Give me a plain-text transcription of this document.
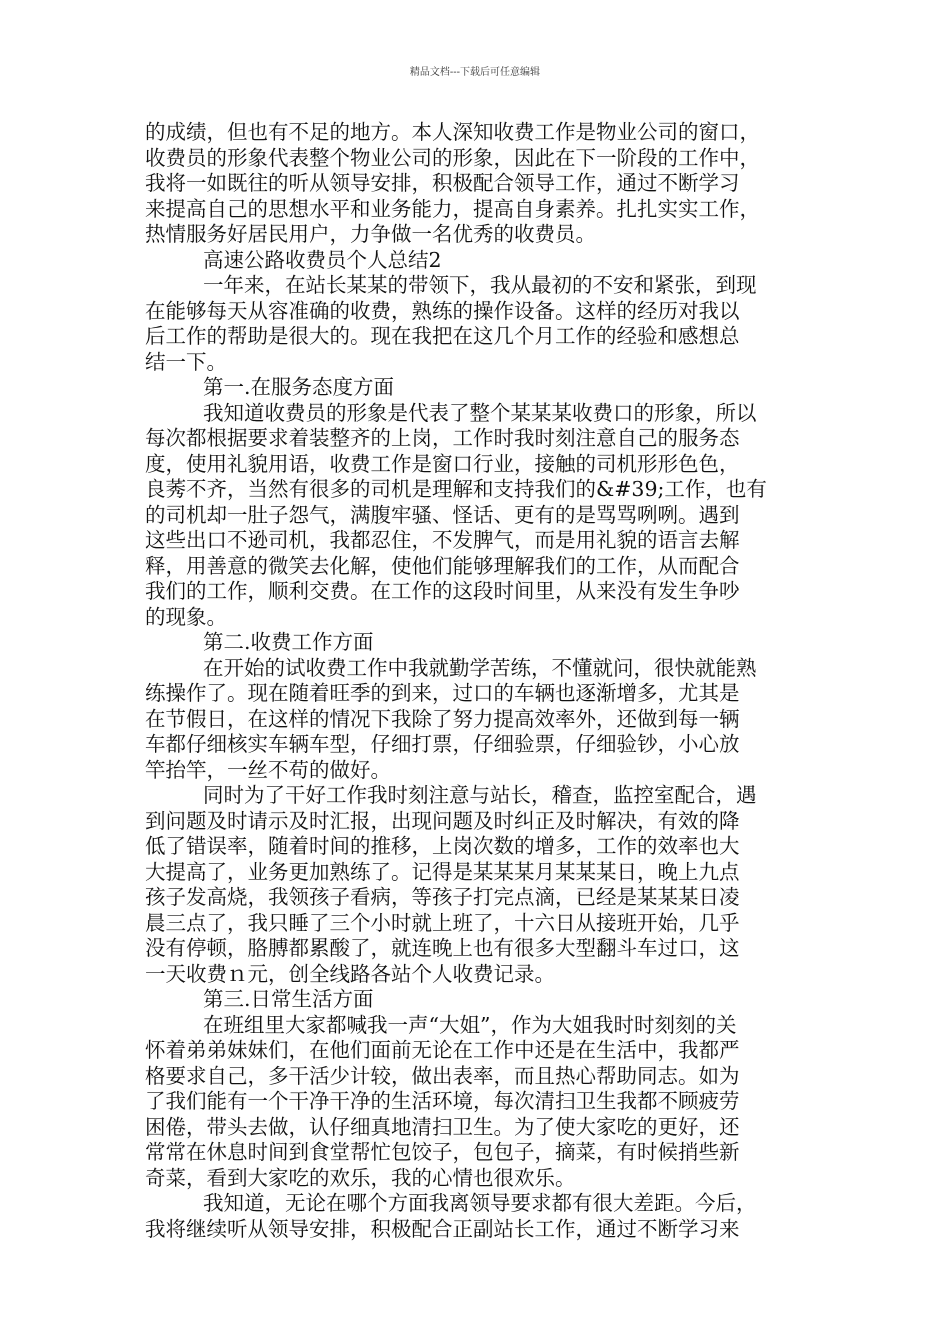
精品文档---下载后可任意编辑
的成绩，但也有不足的地方。本人深知收费工作是物业公司的窗口，
收费员的形象代表整个物业公司的形象，因此在下一阶段的工作中，
我将一如既往的听从领导安排，积极配合领导工作，通过不断学习
来提高自己的思想水平和业务能力，提高自身素养。扎扎实实工作，
热情服务好居民用户，力争做一名优秀的收费员。
高速公路收费员个人总结2
一年来，在站长某某的带领下，我从最初的不安和紧张，到现
在能够每天从容准确的收费，熟练的操作设备。这样的经历对我以
后工作的帮助是很大的。现在我把在这几个月工作的经验和感想总
结一下。
第一.在服务态度方面
我知道收费员的形象是代表了整个某某某收费口的形象，所以
每次都根据要求着装整齐的上岗，工作时我时刻注意自己的服务态
度，使用礼貌用语，收费工作是窗口行业，接触的司机形形色色，
良莠不齐，当然有很多的司机是理解和支持我们的&#39;工作，也有
的司机却一肚子怨气，满腹牢骚、怪话、更有的是骂骂咧咧。遇到
这些出口不逊司机，我都忍住，不发脾气，而是用礼貌的语言去解
释，用善意的微笑去化解，使他们能够理解我们的工作，从而配合
我们的工作，顺利交费。在工作的这段时间里，从来没有发生争吵
的现象。
第二.收费工作方面
在开始的试收费工作中我就勤学苦练，不懂就问，很快就能熟
练操作了。现在随着旺季的到来，过口的车辆也逐渐增多，尤其是
在节假日，在这样的情况下我除了努力提高效率外，还做到每一辆
车都仔细核实车辆车型，仔细打票，仔细验票，仔细验钞，小心放
竿抬竿，一丝不苟的做好。
同时为了干好工作我时刻注意与站长，稽查，监控室配合，遇
到问题及时请示及时汇报，出现问题及时纠正及时解决，有效的降
低了错误率，随着时间的推移，上岗次数的增多，工作的效率也大
大提高了，业务更加熟练了。记得是某某某月某某某日，晚上九点
孩子发高烧，我领孩子看病，等孩子打完点滴，已经是某某某日凌
晨三点了，我只睡了三个小时就上班了，十六日从接班开始，几乎
没有停顿，胳膊都累酸了，就连晚上也有很多大型翻斗车过口，这
一天收费ｎ元，创全线路各站个人收费记录。
第三.日常生活方面
在班组里大家都喊我一声“大姐”，作为大姐我时时刻刻的关
怀着弟弟妹妹们，在他们面前无论在工作中还是在生活中，我都严
格要求自己，多干活少计较，做出表率，而且热心帮助同志。如为
了我们能有一个干净干净的生活环境，每次清扫卫生我都不顾疲劳
困倦，带头去做，认仔细真地清扫卫生。为了使大家吃的更好，还
常常在休息时间到食堂帮忙包饺子，包包子，摘菜，有时候捎些新
奇菜，看到大家吃的欢乐，我的心情也很欢乐。
我知道，无论在哪个方面我离领导要求都有很大差距。今后，
我将继续听从领导安排，积极配合正副站长工作，通过不断学习来
